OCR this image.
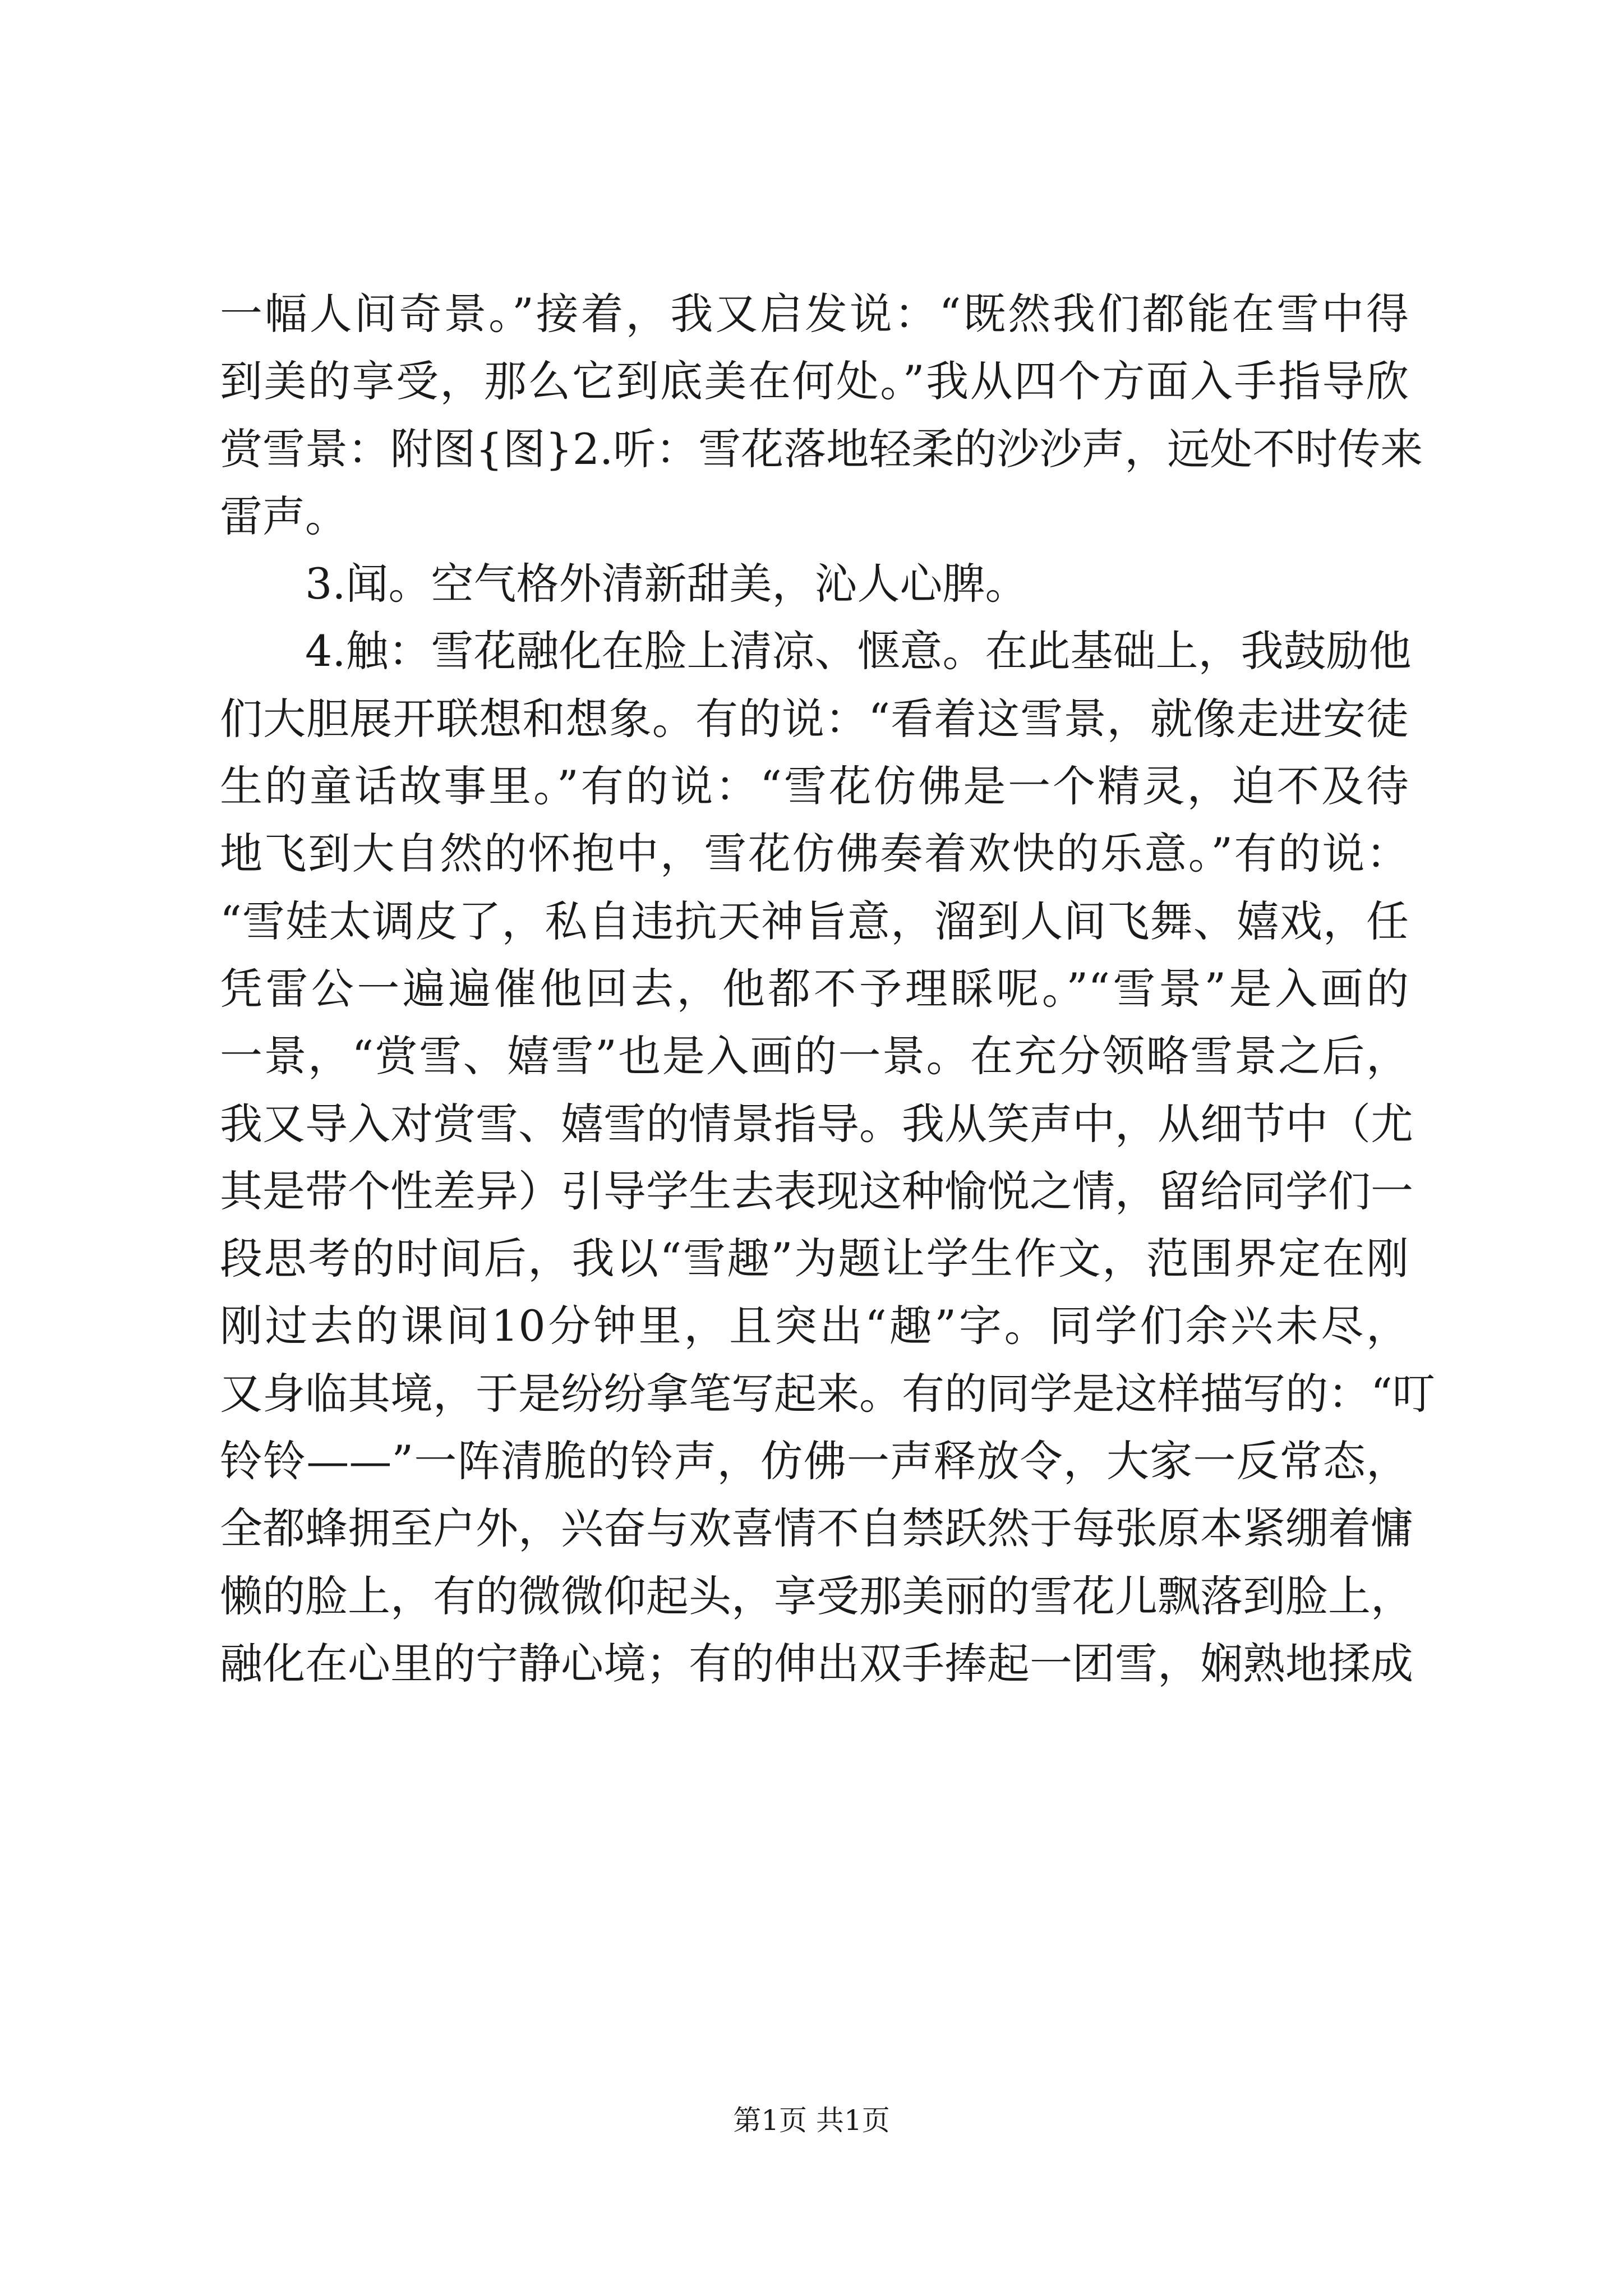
一幅人间奇景。”接着，我又启发说：“既然我们都能在雪中得
到美的享受，那么它到底美在何处。”我从四个方面入手指导欣
赏雪景：附图{图}2.听：雪花落地轻柔的沙沙声，远处不时传来
雷声。
3.闻。空气格外清新甜美，沁人心脾。
4.触：雪花融化在脸上清凉、惬意。在此基础上，我鼓励他
们大胆展开联想和想象。有的说：“看着这雪景，就像走进安徒
生的童话故事里。”有的说：“雪花仿佛是一个精灵，迫不及待
地飞到大自然的怀抱中，雪花仿佛奏着欢快的乐意。”有的说：
“雪娃太调皮了，私自违抗天神旨意，溜到人间飞舞、嬉戏，任
凭雷公一遍遍催他回去，他都不予理睬呢。”“雪景”是入画的
一景，“赏雪、嬉雪”也是入画的一景。在充分领略雪景之后，
我又导入对赏雪、嬉雪的情景指导。我从笑声中，从细节中（尤
其是带个性差异）引导学生去表现这种愉悦之情，留给同学们一
段思考的时间后，我以“雪趣”为题让学生作文，范围界定在刚
刚过去的课间10分钟里，且突出“趣”字。同学们余兴未尽，
又身临其境，于是纷纷拿笔写起来。有的同学是这样描写的：“叮
铃铃——”一阵清脆的铃声，仿佛一声释放令，大家一反常态，
全都蜂拥至户外，兴奋与欢喜情不自禁跃然于每张原本紧绷着慵
懒的脸上，有的微微仰起头，享受那美丽的雪花儿飘落到脸上，
融化在心里的宁静心境；有的伸出双手捧起一团雪，娴熟地揉成
第1页 共1页
